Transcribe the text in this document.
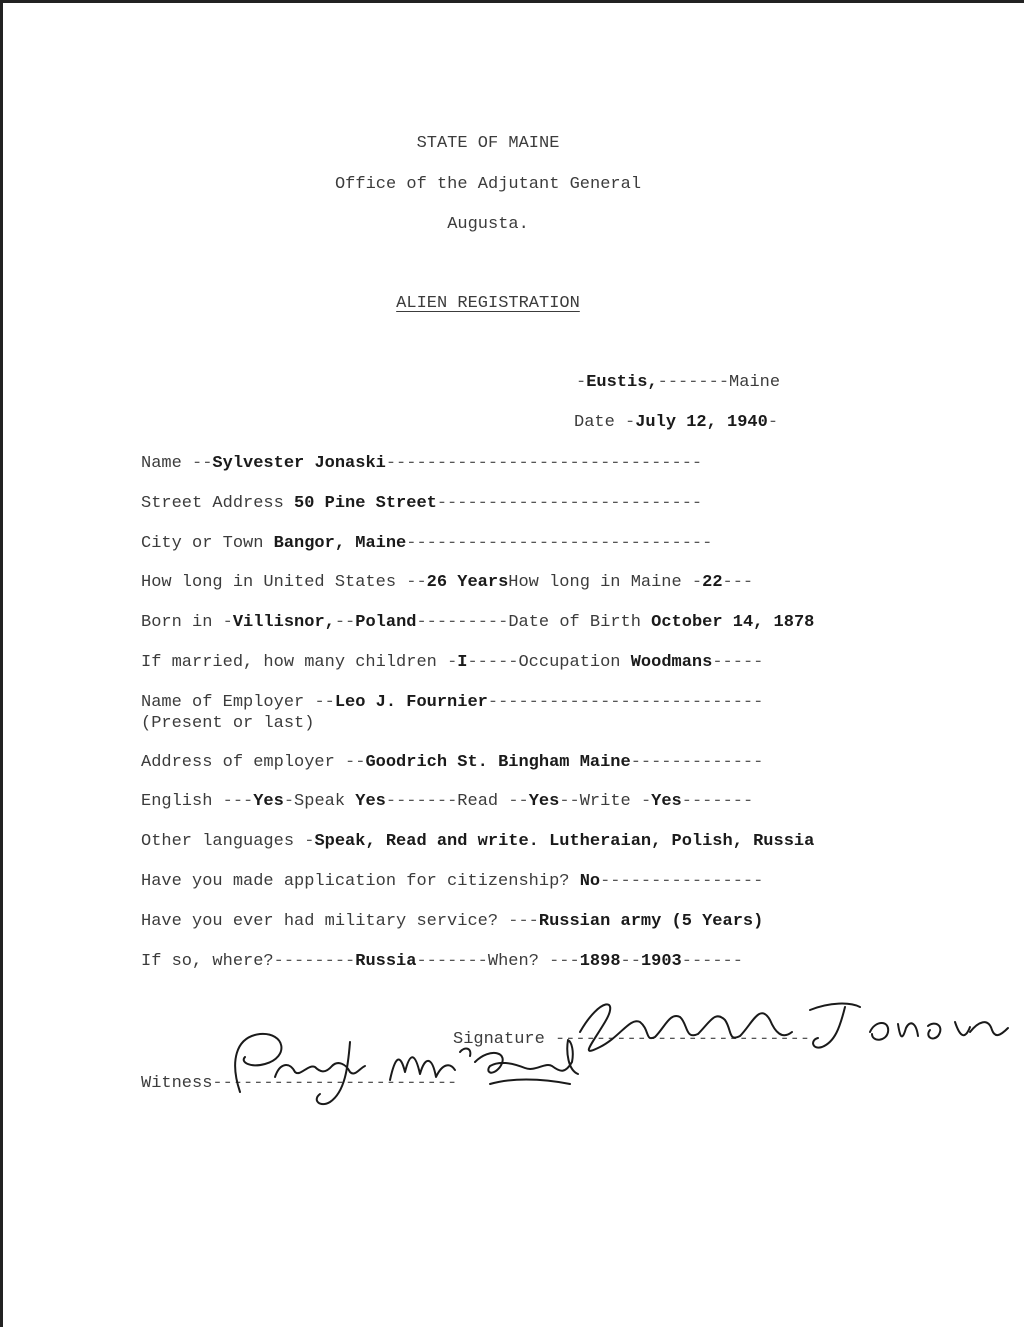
STATE OF MAINE
Office of the Adjutant General
Augusta.
ALIEN REGISTRATION
-Eustis,-------Maine
Date -July 12, 1940-
Name --Sylvester Jonaski-------------------------------
Street Address 50 Pine Street--------------------------
City or Town Bangor, Maine------------------------------
How long in United States --26 YearsHow long in Maine -22---
Born in -Villisnor,--Poland---------Date of Birth October 14, 1878
If married, how many children -I-----Occupation Woodmans-----
Name of Employer --Leo J. Fournier---------------------------
(Present or last)
Address of employer --Goodrich St. Bingham Maine-------------
English ---Yes-Speak Yes-------Read --Yes--Write -Yes-------
Other languages -Speak, Read and write. Lutheraian, Polish, Russia
Have you made application for citizenship? No----------------
Have you ever had military service? ---Russian army (5 Years)
If so, where?--------Russia-------When? ---1898--1903------
Signature -------------------------
Witness------------------------
